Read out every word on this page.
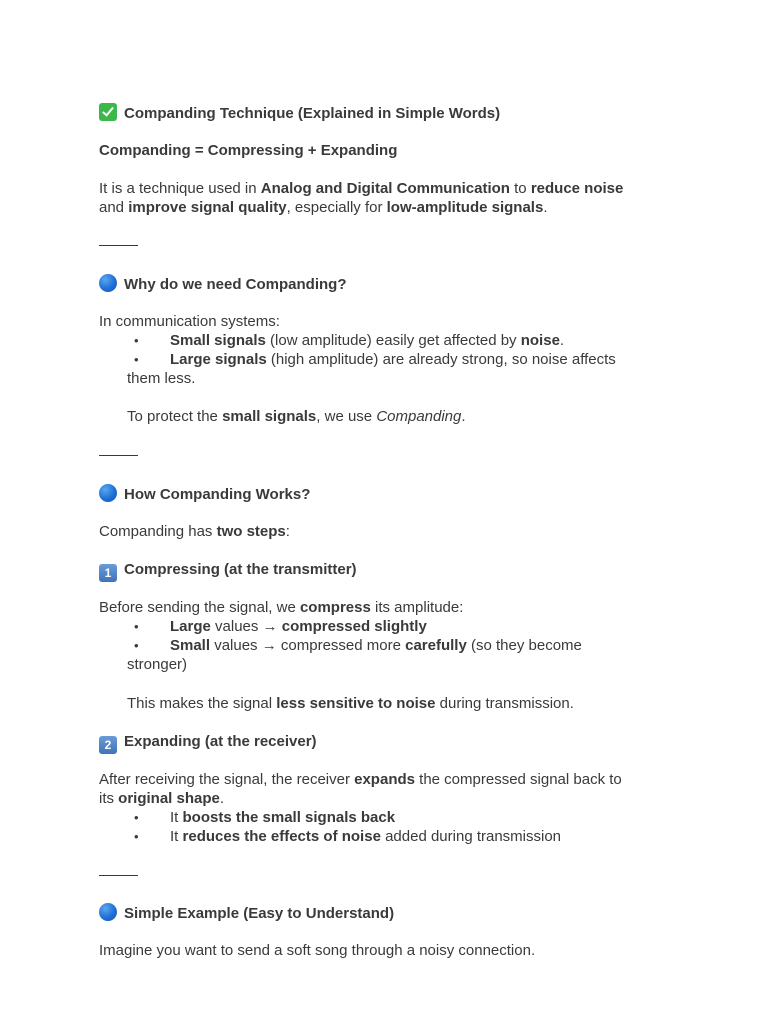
Companding Technique (Explained in Simple Words)
Companding = Compressing + Expanding
It is a technique used in Analog and Digital Communication to reduce noise
and improve signal quality, especially for low-amplitude signals.
Why do we need Companding?
In communication systems:
• Small signals (low amplitude) easily get affected by noise.
• Large signals (high amplitude) are already strong, so noise affects
them less.
To protect the small signals, we use Companding.
How Companding Works?
Companding has two steps:
1 Compressing (at the transmitter)
Before sending the signal, we compress its amplitude:
• Large values → compressed slightly
• Small values → compressed more carefully (so they become
stronger)
This makes the signal less sensitive to noise during transmission.
2 Expanding (at the receiver)
After receiving the signal, the receiver expands the compressed signal back to
its original shape.
• It boosts the small signals back
• It reduces the effects of noise added during transmission
Simple Example (Easy to Understand)
Imagine you want to send a soft song through a noisy connection.
